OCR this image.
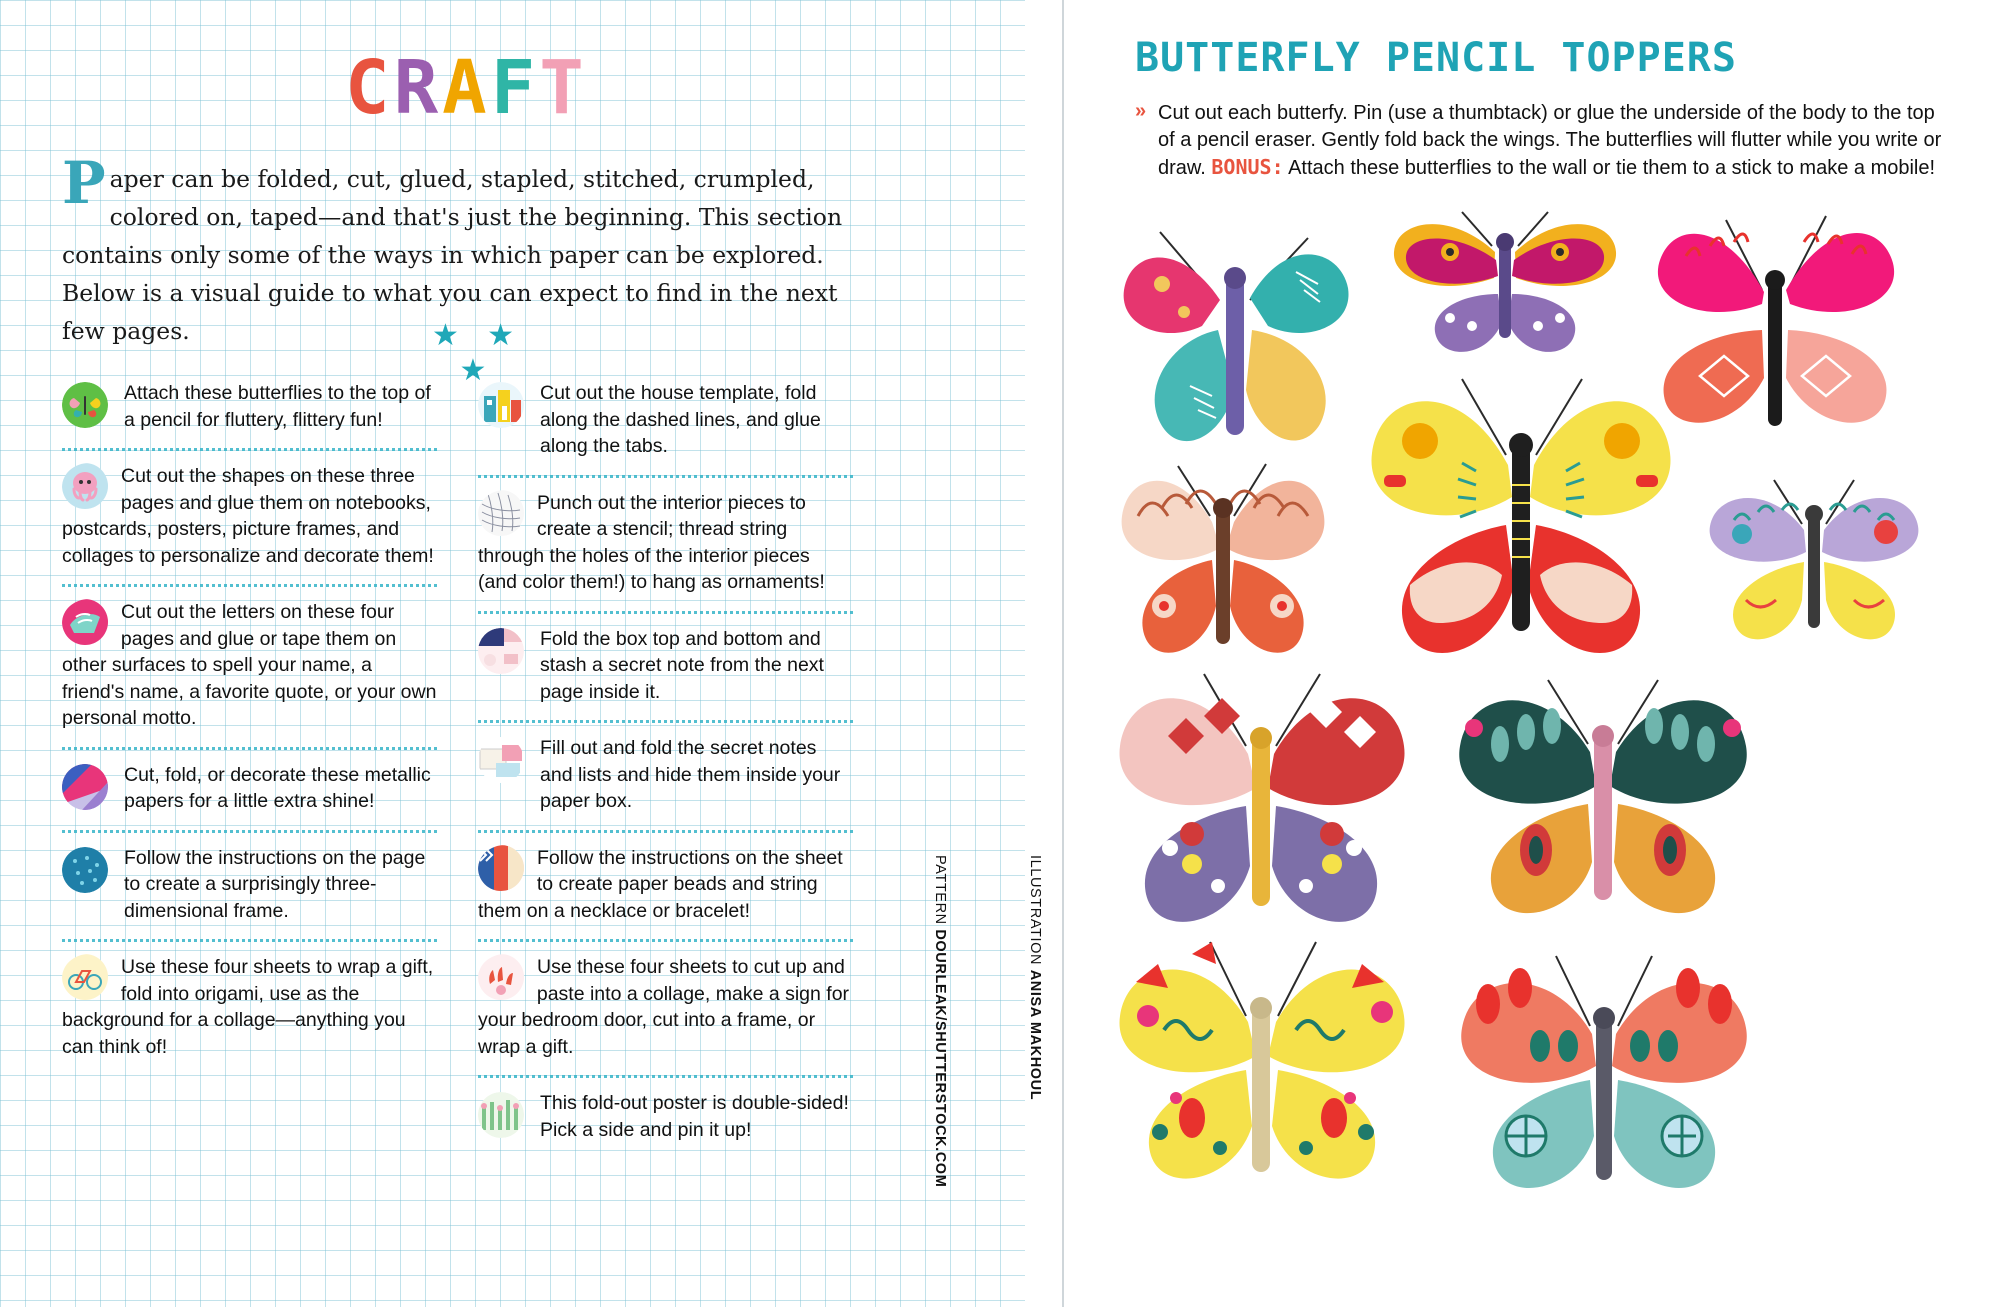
CRAFT
Paper can be folded, cut, glued, stapled, stitched, crumpled, colored on, taped—and that's just the beginning. This section contains only some of the ways in which paper can be explored. Below is a visual guide to what you can expect to find in the next few pages.	★ ★ ★
Attach these butterflies to the top of a pencil for fluttery, flittery fun!
Cut out the shapes on these three pages and glue them on notebooks, postcards, posters, picture frames, and collages to personalize and decorate them!
Cut out the letters on these four pages and glue or tape them on other surfaces to spell your name, a friend's name, a favorite quote, or your own personal motto.
Cut, fold, or decorate these metallic papers for a little extra shine!
Follow the instructions on the page to create a surprisingly three-dimensional frame.
Use these four sheets to wrap a gift, fold into origami, use as the background for a collage—anything you can think of!
Cut out the house template, fold along the dashed lines, and glue along the tabs.
Punch out the interior pieces to create a stencil; thread string through the holes of the interior pieces (and color them!) to hang as ornaments!
Fold the box top and bottom and stash a secret note from the next page inside it.
Fill out and fold the secret notes and lists and hide them inside your paper box.
Follow the instructions on the sheet to create paper beads and string them on a necklace or bracelet!
Use these four sheets to cut up and paste into a collage, make a sign for your bedroom door, cut into a frame, or wrap a gift.
This fold-out poster is double-sided! Pick a side and pin it up!
PATTERN DOURLEAK/SHUTTERSTOCK.COM
ILLUSTRATION ANISA MAKHOUL
BUTTERFLY PENCIL TOPPERS
» Cut out each butterfy. Pin (use a thumbtack) or glue the underside of the body to the top of a pencil eraser. Gently fold back the wings. The butterflies will flutter while you write or draw. BONUS: Attach these butterflies to the wall or tie them to a stick to make a mobile!
